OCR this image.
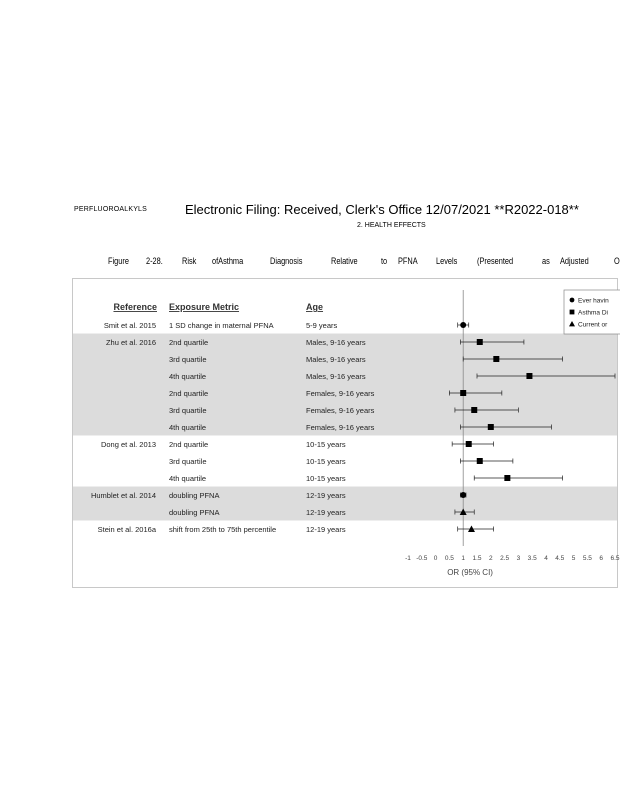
PERFLUOROALKYLS	Electronic Filing: Received, Clerk's Office 12/07/2021 **R2022-018**
2. HEALTH EFFECTS
Figure 2-28. Risk ofAsthma	Diagnosis	Relative	to PFNA Levels (Presented	as Adjusted	O
Reference Exposure Metric	Age
Smit et al. 2015 1 SD change in maternal PFNA	5-9 years
Zhu et al. 2016 2nd quartile	Males, 9-16 years
3rd quartile	Males, 9-16 years
4th quartile	Males, 9-16 years
2nd quartile	Females, 9-16 years
3rd quartile	Females, 9-16 years
4th quartile	Females, 9-16 years
Dong et al. 2013 2nd quartile	10-15 years
3rd quartile	10-15 years
4th quartile	10-15 years
Humblet et al. 2014 doubling PFNA	12-19 years
doubling PFNA	12-19 years
Stein et al. 2016a shift from 25th to 75th percentile	12-19 years
-1 -0.5 0 0.5 1 1.5 2 2.5 3 3.5 4 4.5 5 5.5 6 6.5
OR (95% CI)
Ever havin
Asthma Di
Current or
